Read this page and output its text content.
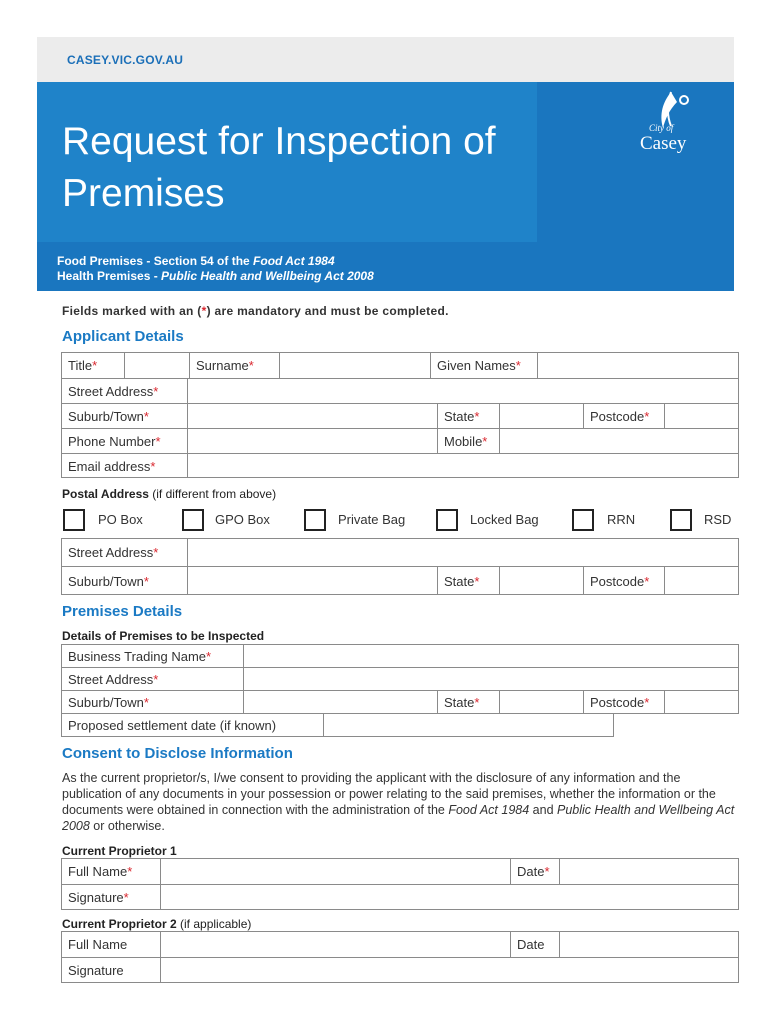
CASEY.VIC.GOV.AU
Request for Inspection of Premises
City of
Casey
Food Premises - Section 54 of the Food Act 1984
Health Premises - Public Health and Wellbeing Act 2008
Fields marked with an (*) are mandatory and must be completed.
Applicant Details
Title *	Surname *	Given Names *
Street Address *
Suburb/Town *	State *	Postcode *
Phone Number *	Mobile *
Email address *
Postal Address (if different from above)
PO Box	GPO Box	Private Bag	Locked Bag	RRN	RSD
Street Address *
Suburb/Town *	State *	Postcode *
Premises Details
Details of Premises to be Inspected
Business Trading Name *
Street Address *
Suburb/Town *	State *	Postcode *
Proposed settlement date (if known)
Consent to Disclose Information
As the current proprietor/s, I/we consent to providing the applicant with the disclosure of any information and the publication of any documents in your possession or power relating to the said premises, whether the information or the documents were obtained in connection with the administration of the Food Act 1984 and Public Health and Wellbeing Act 2008 or otherwise.
Current Proprietor 1
Full Name *	Date *
Signature *
Current Proprietor 2 (if applicable)
Full Name	Date
Signature
